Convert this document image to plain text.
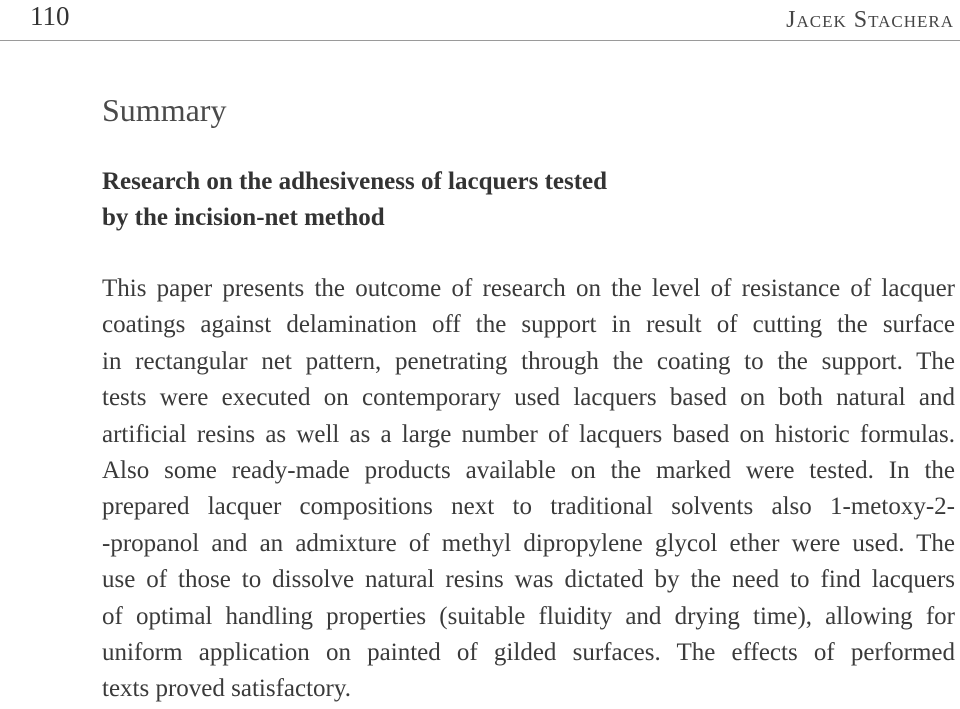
110	Jacek Stachera
Summary
Research on the adhesiveness of lacquers tested
by the incision-net method
This paper presents the outcome of research on the level of resistance of lacquer
coatings against delamination off the support in result of cutting the surface
in rectangular net pattern, penetrating through the coating to the support. The
tests were executed on contemporary used lacquers based on both natural and
artificial resins as well as a large number of lacquers based on historic formulas.
Also some ready-made products available on the marked were tested. In the
prepared lacquer compositions next to traditional solvents also 1-metoxy-2-
-propanol and an admixture of methyl dipropylene glycol ether were used. The
use of those to dissolve natural resins was dictated by the need to find lacquers
of optimal handling properties (suitable fluidity and drying time), allowing for
uniform application on painted of gilded surfaces. The effects of performed
texts proved satisfactory.
